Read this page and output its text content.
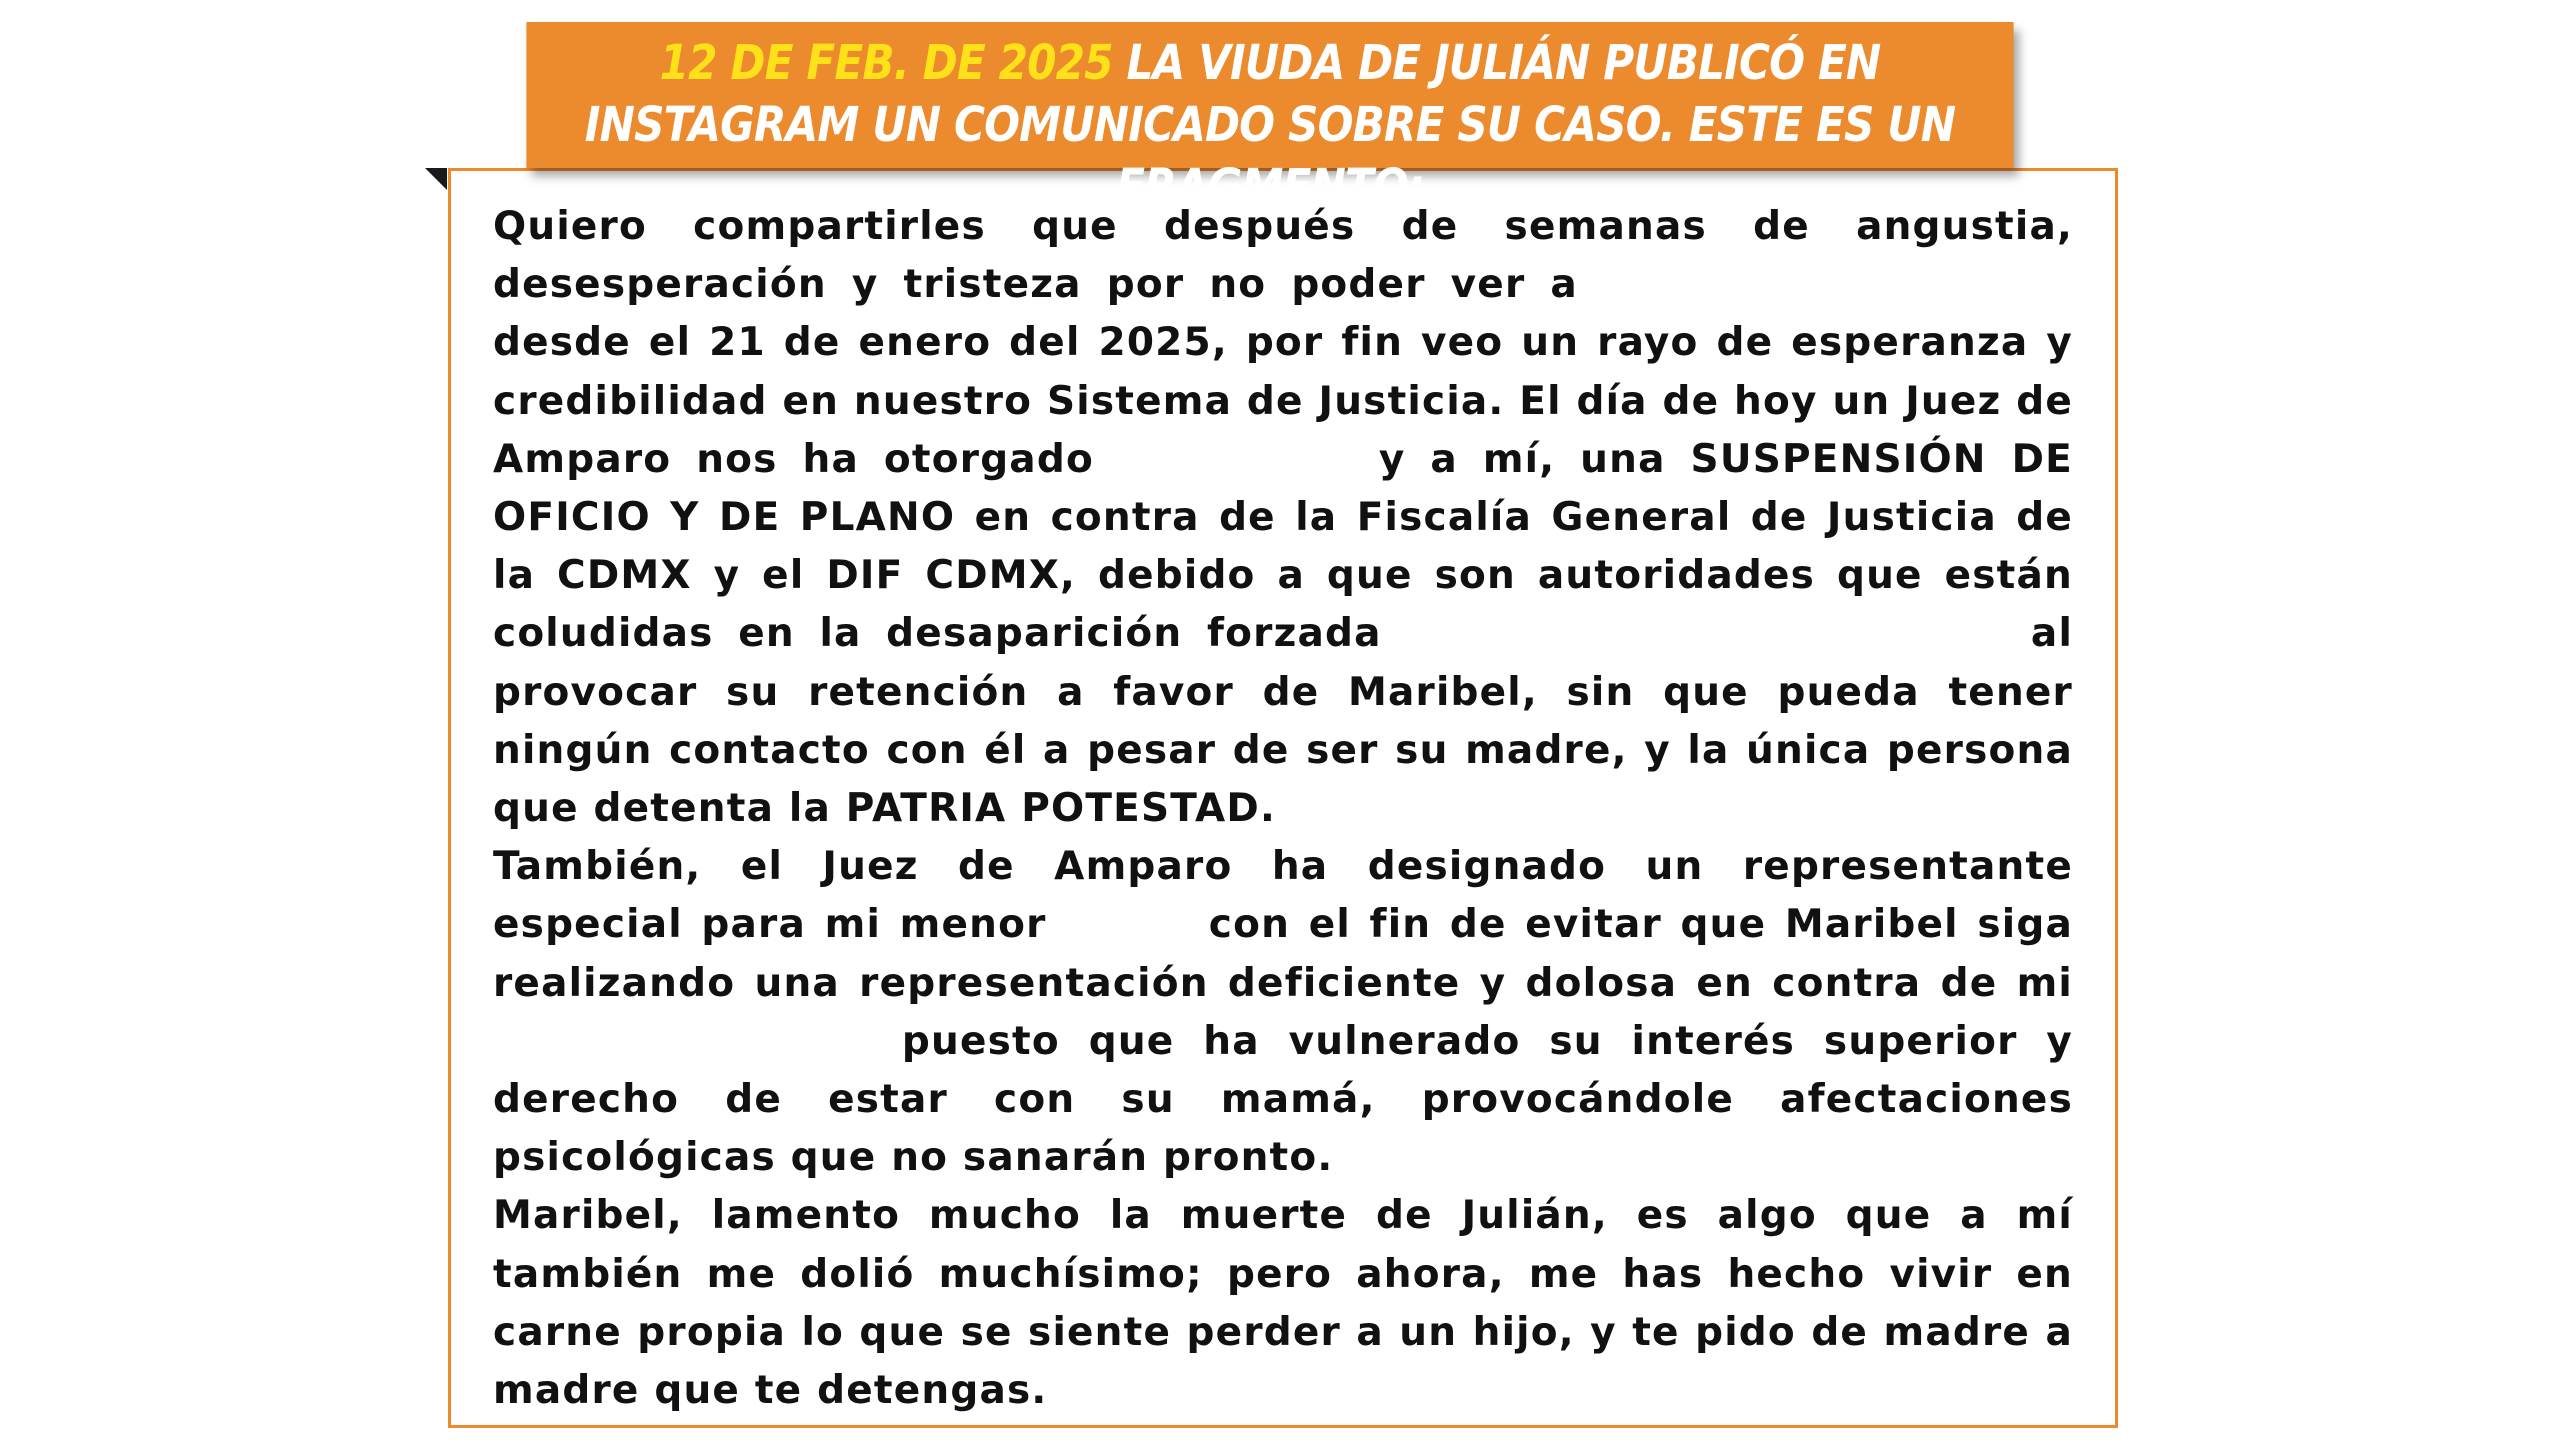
12 DE FEB. DE 2025 LA VIUDA DE JULIÁN PUBLICÓ EN INSTAGRAM UN COMUNICADO SOBRE SU CASO. ESTE ES UN FRAGMENTO:

Quiero compartirles que después de semanas de angustia, desesperación y tristeza por no poder ver a  desde el 21 de enero del 2025, por fin veo un rayo de esperanza y credibilidad en nuestro Sistema de Justicia. El día de hoy un Juez de Amparo nos ha otorgado	y a mí, una SUSPENSIÓN DE OFICIO Y DE PLANO en contra de la Fiscalía General de Justicia de la CDMX y el DIF CDMX, debido a que son autoridades que están coludidas en la desaparición forzada	al provocar su retención a favor de Maribel, sin que pueda tener ningún contacto con él a pesar de ser su madre, y la única persona que detenta la PATRIA POTESTAD.

También, el Juez de Amparo ha designado un representante especial para mi menor	con el fin de evitar que Maribel siga realizando una representación deficiente y dolosa en contra de mi  puesto que ha vulnerado su interés superior y derecho de estar con su mamá, provocándole afectaciones psicológicas que no sanarán pronto.

Maribel, lamento mucho la muerte de Julián, es algo que a mí también me dolió muchísimo; pero ahora, me has hecho vivir en carne propia lo que se siente perder a un hijo, y te pido de madre a madre que te detengas.
